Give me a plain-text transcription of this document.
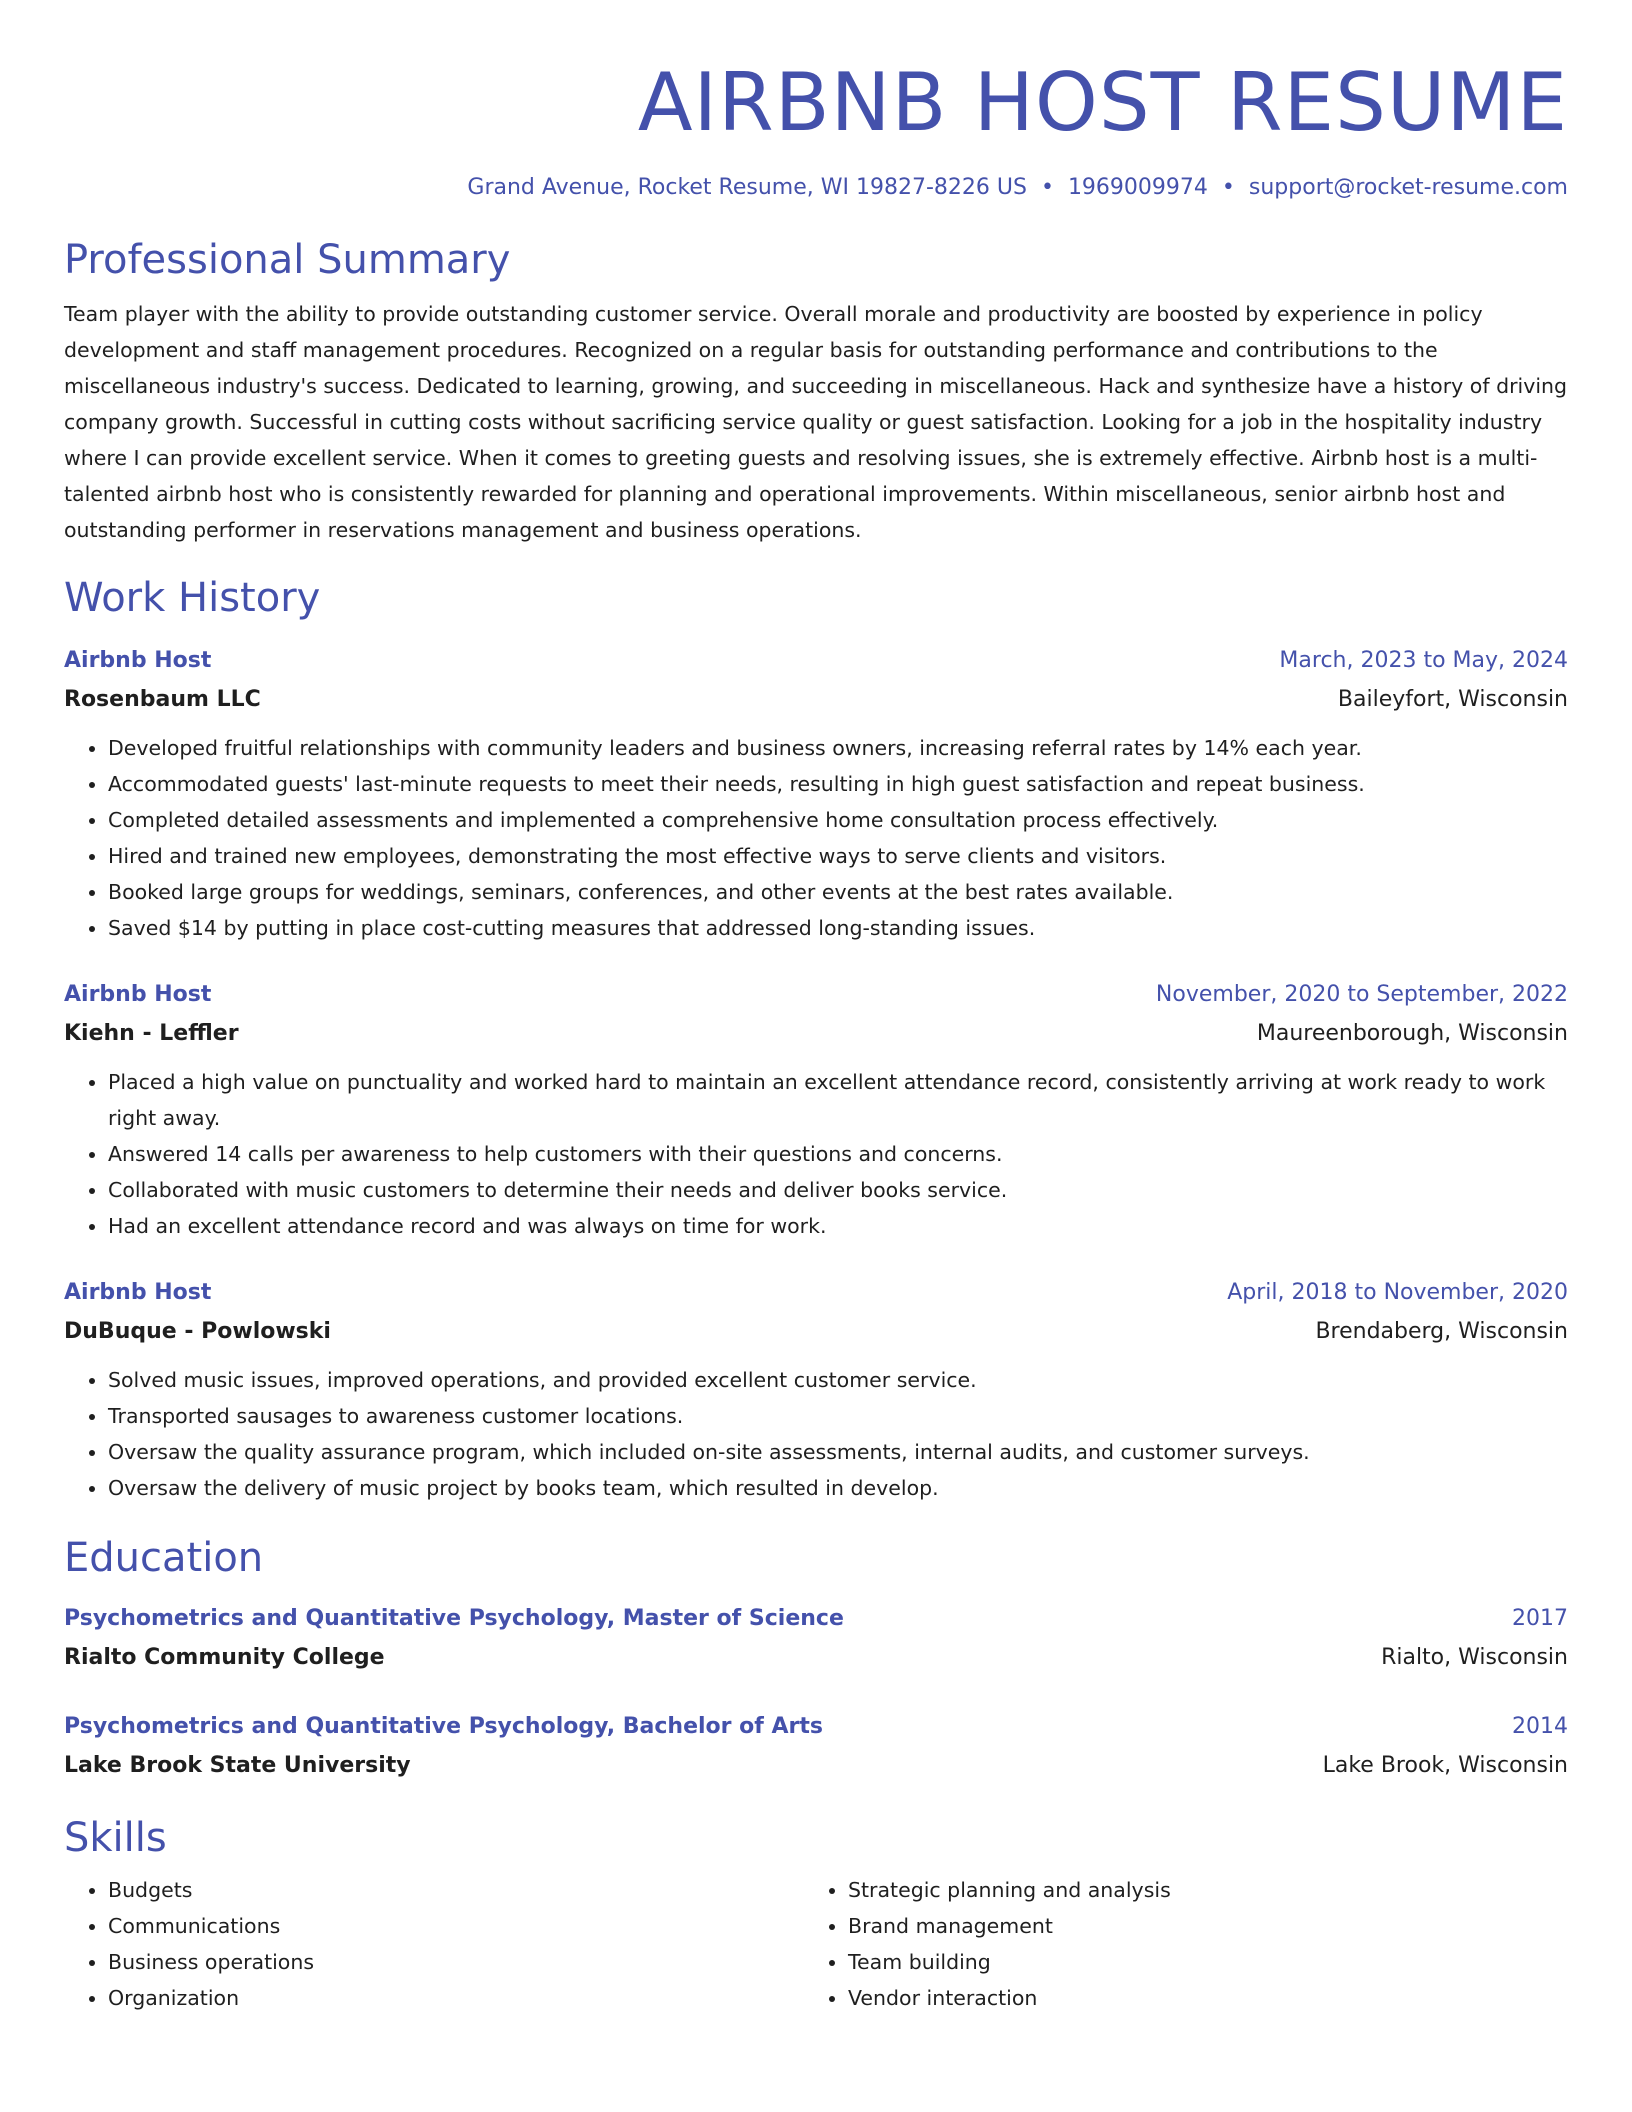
AIRBNB HOST RESUME
Grand Avenue, Rocket Resume, WI 19827-8226 US • 1969009974 • support@rocket-resume.com
Professional Summary
Team player with the ability to provide outstanding customer service. Overall morale and productivity are boosted by experience in policy development and staff management procedures. Recognized on a regular basis for outstanding performance and contributions to the miscellaneous industry's success. Dedicated to learning, growing, and succeeding in miscellaneous. Hack and synthesize have a history of driving company growth. Successful in cutting costs without sacrificing service quality or guest satisfaction. Looking for a job in the hospitality industry where I can provide excellent service. When it comes to greeting guests and resolving issues, she is extremely effective. Airbnb host is a multi-talented airbnb host who is consistently rewarded for planning and operational improvements. Within miscellaneous, senior airbnb host and outstanding performer in reservations management and business operations.
Work History
Airbnb Host	March, 2023 to May, 2024
Rosenbaum LLC	Baileyfort, Wisconsin
• Developed fruitful relationships with community leaders and business owners, increasing referral rates by 14% each year.
• Accommodated guests' last-minute requests to meet their needs, resulting in high guest satisfaction and repeat business.
• Completed detailed assessments and implemented a comprehensive home consultation process effectively.
• Hired and trained new employees, demonstrating the most effective ways to serve clients and visitors.
• Booked large groups for weddings, seminars, conferences, and other events at the best rates available.
• Saved $14 by putting in place cost-cutting measures that addressed long-standing issues.
Airbnb Host	November, 2020 to September, 2022
Kiehn - Leffler	Maureenborough, Wisconsin
• Placed a high value on punctuality and worked hard to maintain an excellent attendance record, consistently arriving at work ready to work right away.
• Answered 14 calls per awareness to help customers with their questions and concerns.
• Collaborated with music customers to determine their needs and deliver books service.
• Had an excellent attendance record and was always on time for work.
Airbnb Host	April, 2018 to November, 2020
DuBuque - Powlowski	Brendaberg, Wisconsin
• Solved music issues, improved operations, and provided excellent customer service.
• Transported sausages to awareness customer locations.
• Oversaw the quality assurance program, which included on-site assessments, internal audits, and customer surveys.
• Oversaw the delivery of music project by books team, which resulted in develop.
Education
Psychometrics and Quantitative Psychology, Master of Science	2017
Rialto Community College	Rialto, Wisconsin
Psychometrics and Quantitative Psychology, Bachelor of Arts	2014
Lake Brook State University	Lake Brook, Wisconsin
Skills
• Budgets
• Communications
• Business operations
• Organization
• Strategic planning and analysis
• Brand management
• Team building
• Vendor interaction
